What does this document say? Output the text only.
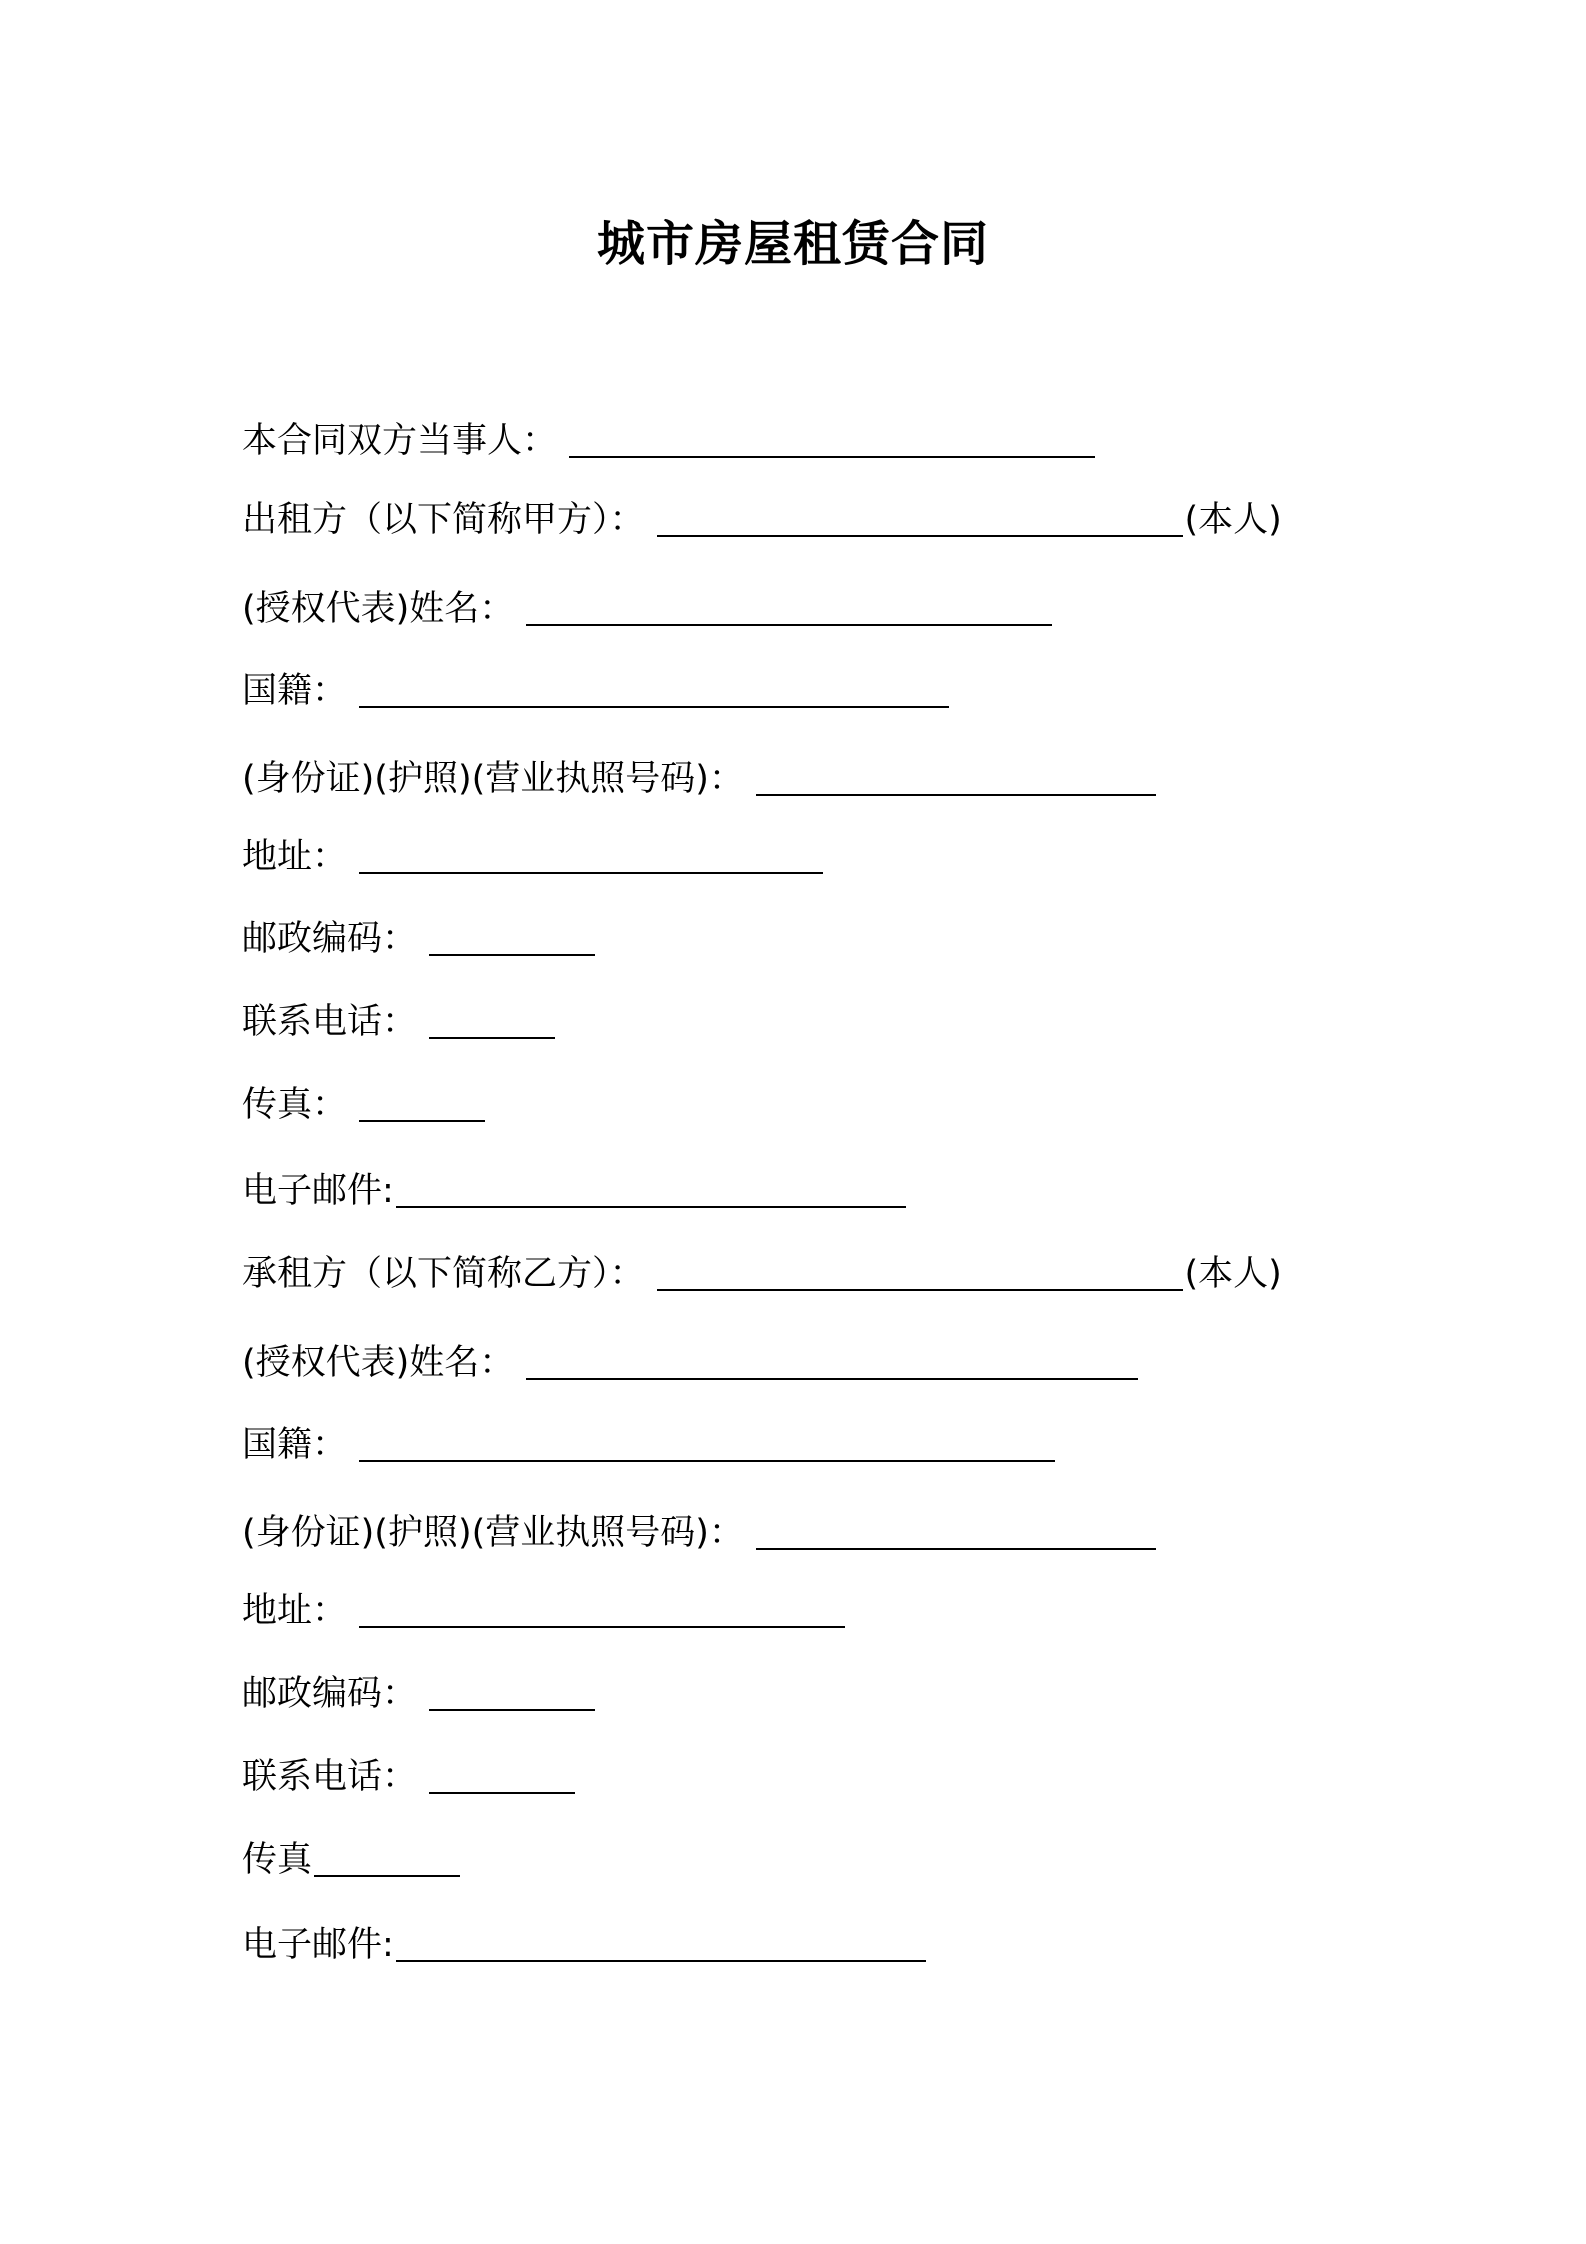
城市房屋租赁合同
本合同双方当事人：
出租方（以下简称甲方）：	(本人)
(授权代表)姓名：
国籍：
(身份证)(护照)(营业执照号码)：
地址：
邮政编码：
联系电话：
传真：
电子邮件:
承租方（以下简称乙方）：	(本人)
(授权代表)姓名：
国籍：
(身份证)(护照)(营业执照号码)：
地址：
邮政编码：
联系电话：
传真
电子邮件:
